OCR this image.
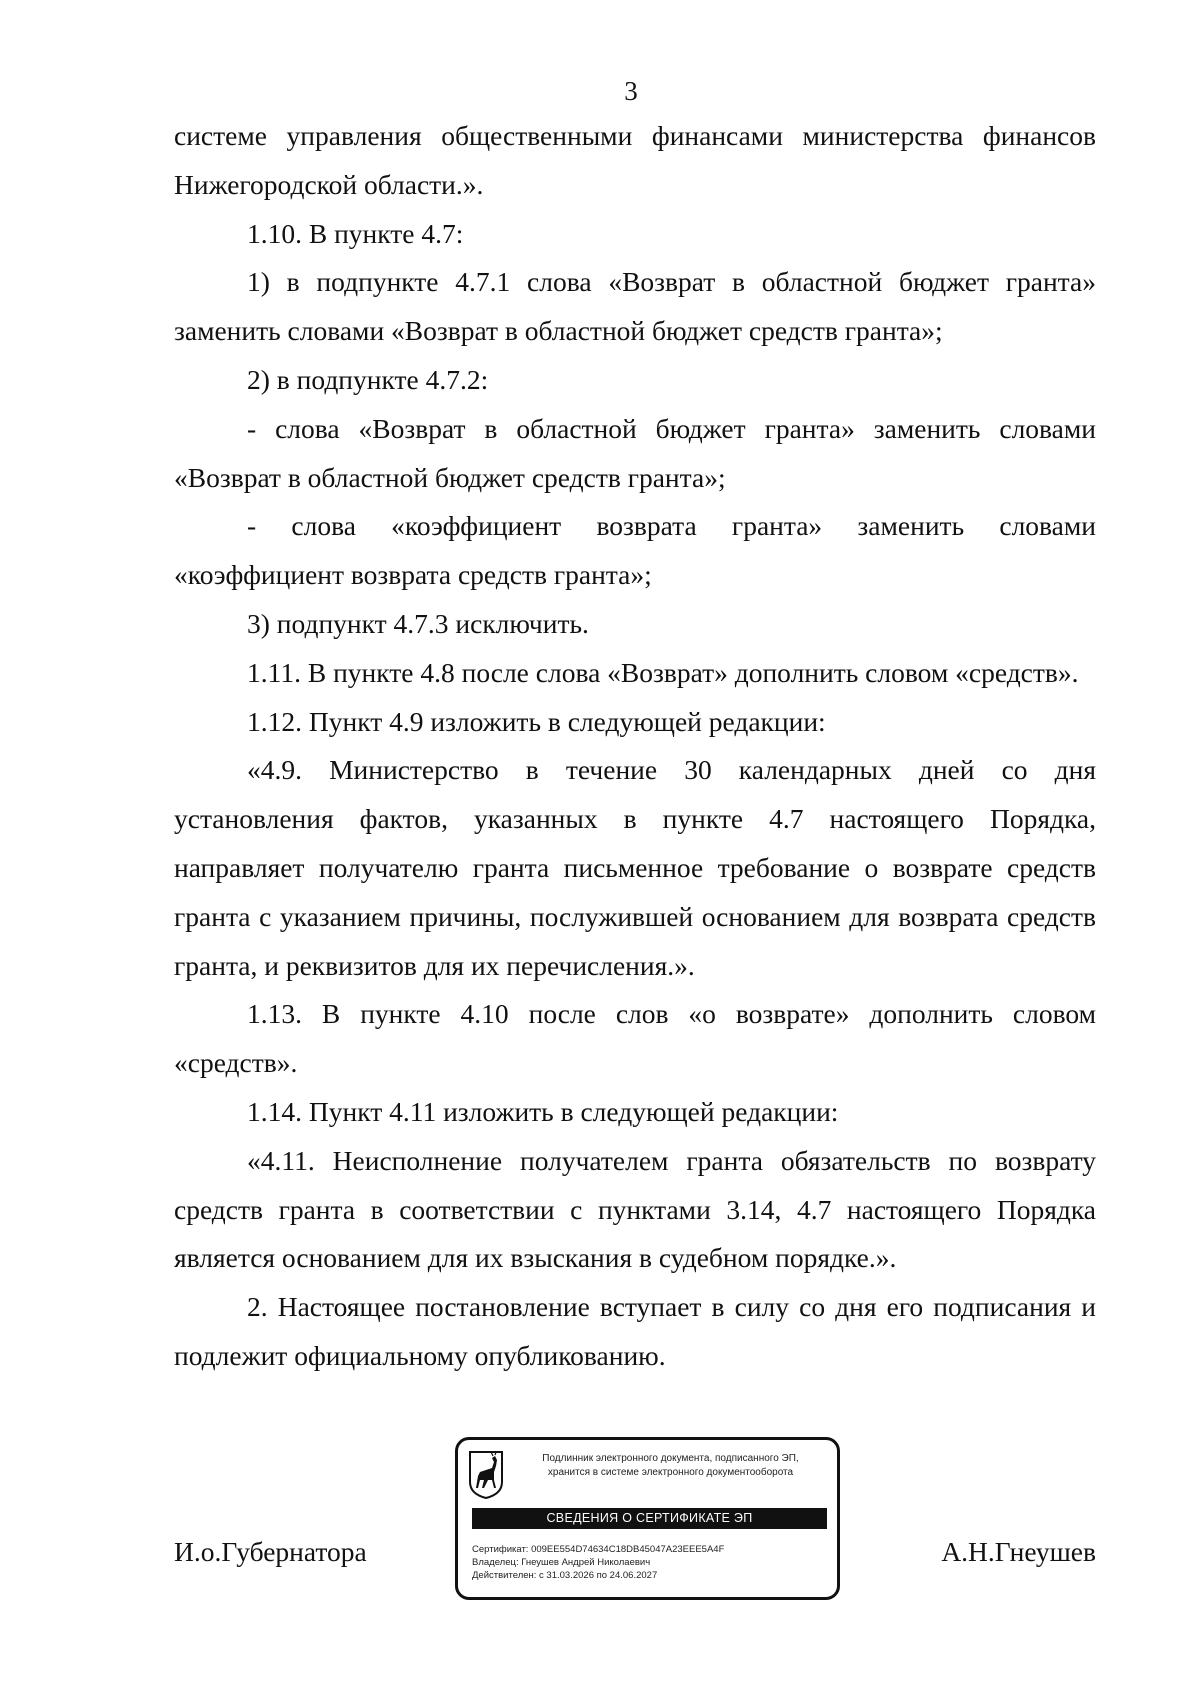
3

системе управления общественными финансами министерства финансов Нижегородской области.».

1.10. В пункте 4.7:

1) в подпункте 4.7.1 слова «Возврат в областной бюджет гранта» заменить словами «Возврат в областной бюджет средств гранта»;

2) в подпункте 4.7.2:

- слова «Возврат в областной бюджет гранта» заменить словами «Возврат в областной бюджет средств гранта»;

- слова «коэффициент возврата гранта» заменить словами «коэффициент возврата средств гранта»;

3) подпункт 4.7.3 исключить.

1.11. В пункте 4.8 после слова «Возврат» дополнить словом «средств».

1.12. Пункт 4.9 изложить в следующей редакции:

«4.9. Министерство в течение 30 календарных дней со дня установления фактов, указанных в пункте 4.7 настоящего Порядка, направляет получателю гранта письменное требование о возврате средств гранта с указанием причины, послужившей основанием для возврата средств гранта, и реквизитов для их перечисления.».

1.13. В пункте 4.10 после слов «о возврате» дополнить словом «средств».

1.14. Пункт 4.11 изложить в следующей редакции:

«4.11. Неисполнение получателем гранта обязательств по возврату средств гранта в соответствии с пунктами 3.14, 4.7 настоящего Порядка является основанием для их взыскания в судебном порядке.».

2. Настоящее постановление вступает в силу со дня его подписания и подлежит официальному опубликованию.

И.о.Губернатора	А.Н.Гнеушев
Подлинник электронного документа, подписанного ЭП,
хранится в системе электронного документооборота
СВЕДЕНИЯ О СЕРТИФИКАТЕ ЭП
Сертификат: 009EE554D74634C18DB45047A23EEE5A4F
Владелец: Гнеушев Андрей Николаевич
Действителен: с 31.03.2026 по 24.06.2027
